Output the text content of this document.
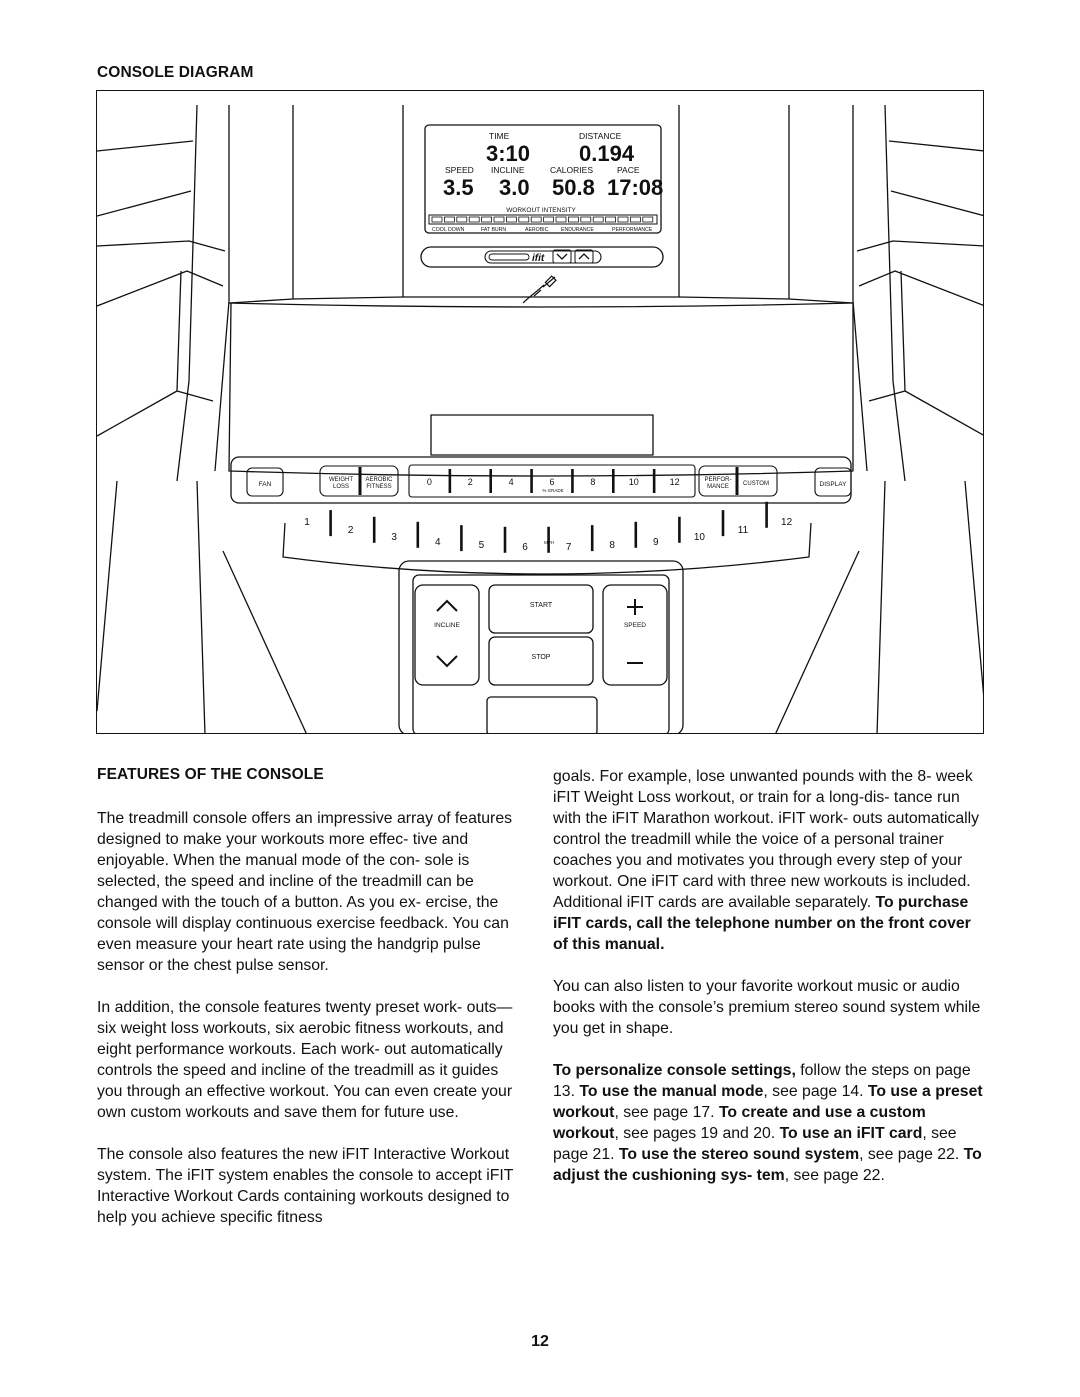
CONSOLE DIAGRAM
TIME	DISTANCE
SPEED INCLINE	CALORIES	PACE
3:10 0.194
3.5 3.0 50.8 17:08
WORKOUT INTENSITY
COOL DOWN	FAT BURN	AEROBIC ENDURANCE	PERFORMANCE
ifit
FAN
WEIGHT
LOSS
AEROBIC
FITNESS	0	2	4	6	8	10	12
% GRADE
PERFOR-
MANCE CUSTOM	DISPLAY
1
2
3	4	5	6	7	8	9	10
11
12
MPH
INCLINE
START
STOP
SPEED
FEATURES OF THE CONSOLE

The treadmill console offers an impressive array of features designed to make your workouts more effec- tive and enjoyable. When the manual mode of the con- sole is selected, the speed and incline of the treadmill can be changed with the touch of a button. As you ex- ercise, the console will display continuous exercise feedback. You can even measure your heart rate using the handgrip pulse sensor or the chest pulse sensor.

In addition, the console features twenty preset work- outs—six weight loss workouts, six aerobic fitness workouts, and eight performance workouts. Each work- out automatically controls the speed and incline of the treadmill as it guides you through an effective workout. You can even create your own custom workouts and save them for future use.

The console also features the new iFIT Interactive Workout system. The iFIT system enables the console to accept iFIT Interactive Workout Cards containing workouts designed to help you achieve specific fitness

goals. For example, lose unwanted pounds with the 8- week iFIT Weight Loss workout, or train for a long-dis- tance run with the iFIT Marathon workout. iFIT work- outs automatically control the treadmill while the voice of a personal trainer coaches you and motivates you through every step of your workout. One iFIT card with three new workouts is included. Additional iFIT cards are available separately. To purchase iFIT cards, call the telephone number on the front cover of this manual.

You can also listen to your favorite workout music or audio books with the console’s premium stereo sound system while you get in shape.

To personalize console settings, follow the steps on page 13. To use the manual mode, see page 14. To use a preset workout, see page 17. To create and use a custom workout, see pages 19 and 20. To use an iFIT card, see page 21. To use the stereo sound system, see page 22. To adjust the cushioning sys- tem, see page 22.

12
